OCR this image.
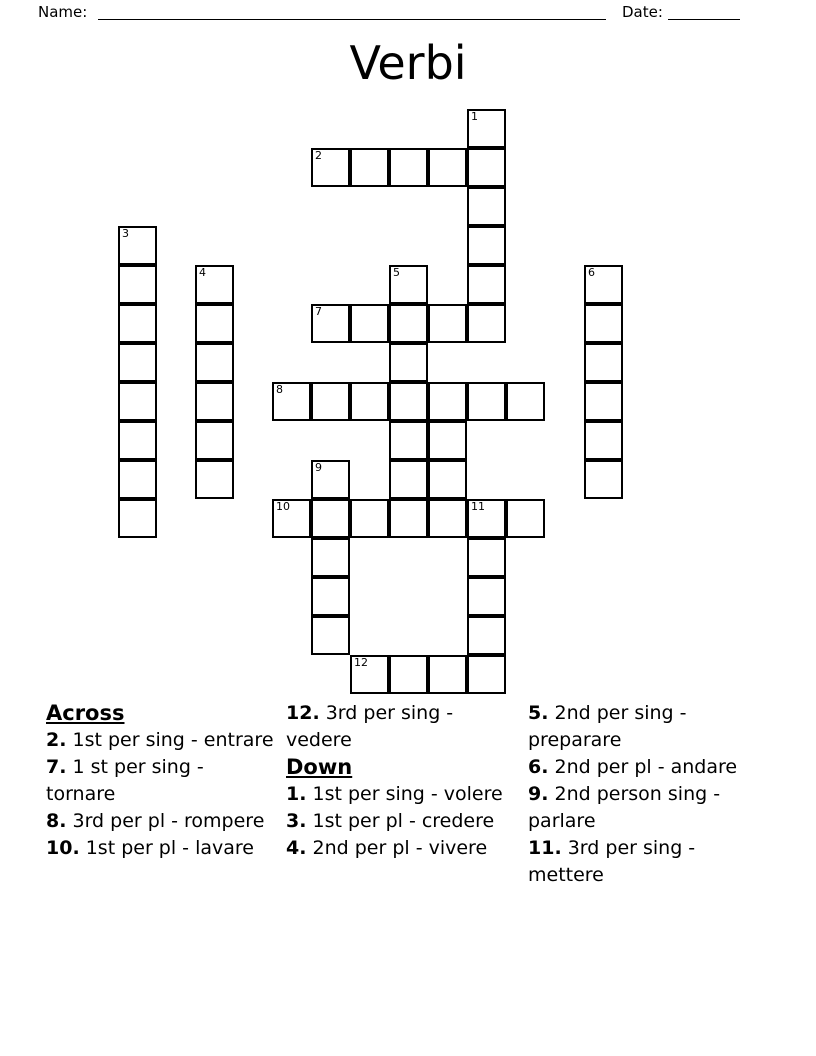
Name:	Date:
Verbi
1
2
3
4	5	6
7
8
9
10	11
12
Across
2. 1st per sing - entrare
7. 1 st per sing - tornare
8. 3rd per pl - rompere
10. 1st per pl - lavare
12. 3rd per sing - vedere
Down
1. 1st per sing - volere
3. 1st per pl - credere
4. 2nd per pl - vivere
5. 2nd per sing - preparare
6. 2nd per pl - andare
9. 2nd person sing - parlare
11. 3rd per sing - mettere
